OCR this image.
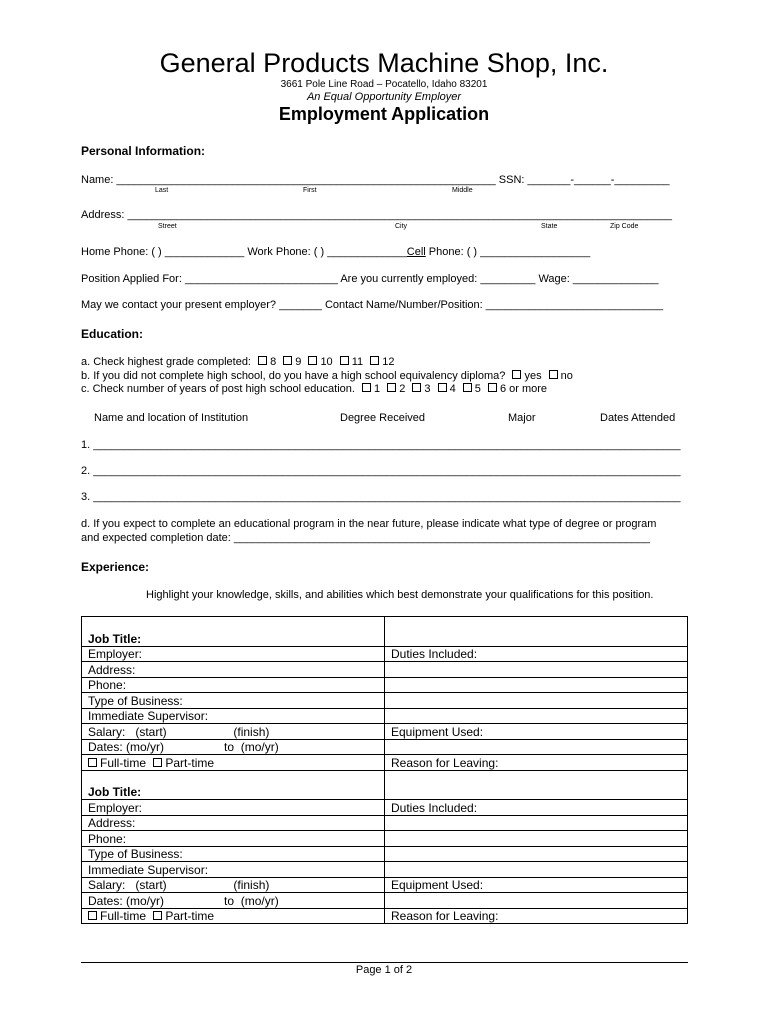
General Products Machine Shop, Inc.
3661 Pole Line Road – Pocatello, Idaho 83201
An Equal Opportunity Employer
Employment Application
Personal Information:
Name: ______________________________________________________________ SSN: _______-______-_________
Last	First	Middle
Address: _________________________________________________________________________________________
Street	City	State	Zip Code
Home Phone: ( ) _____________ Work Phone: ( ) _____________Cell Phone: ( ) __________________
Position Applied For: _________________________ Are you currently employed: _________ Wage: ______________
May we contact your present employer? _______ Contact Name/Number/Position: _____________________________
Education:
a. Check highest grade completed: 8 9 10 11 12
b. If you did not complete high school, do you have a high school equivalency diploma? yes no
c. Check number of years of post high school education. 1 2 3 4 5 6 or more
Name and location of Institution	Degree Received	Major	Dates Attended
1. ________________________________________________________________________________________________
2. ________________________________________________________________________________________________
3. ________________________________________________________________________________________________
d. If you expect to complete an educational program in the near future, please indicate what type of degree or program
and expected completion date: ____________________________________________________________________
Experience:
Highlight your knowledge, skills, and abilities which best demonstrate your qualifications for this position.

Job Title:	
Employer:	Duties Included:
Address:	
Phone:	
Type of Business:	
Immediate Supervisor:	
Salary:   (start)                    (finish)	Equipment Used:
Dates: (mo/yr)                  to  (mo/yr)	
Full-time Part-time	Reason for Leaving:

Job Title:	
Employer:	Duties Included:
Address:	
Phone:	
Type of Business:	
Immediate Supervisor:	
Salary:   (start)                    (finish)	Equipment Used:
Dates: (mo/yr)                  to  (mo/yr)	
Full-time Part-time	Reason for Leaving:
Page 1 of 2
